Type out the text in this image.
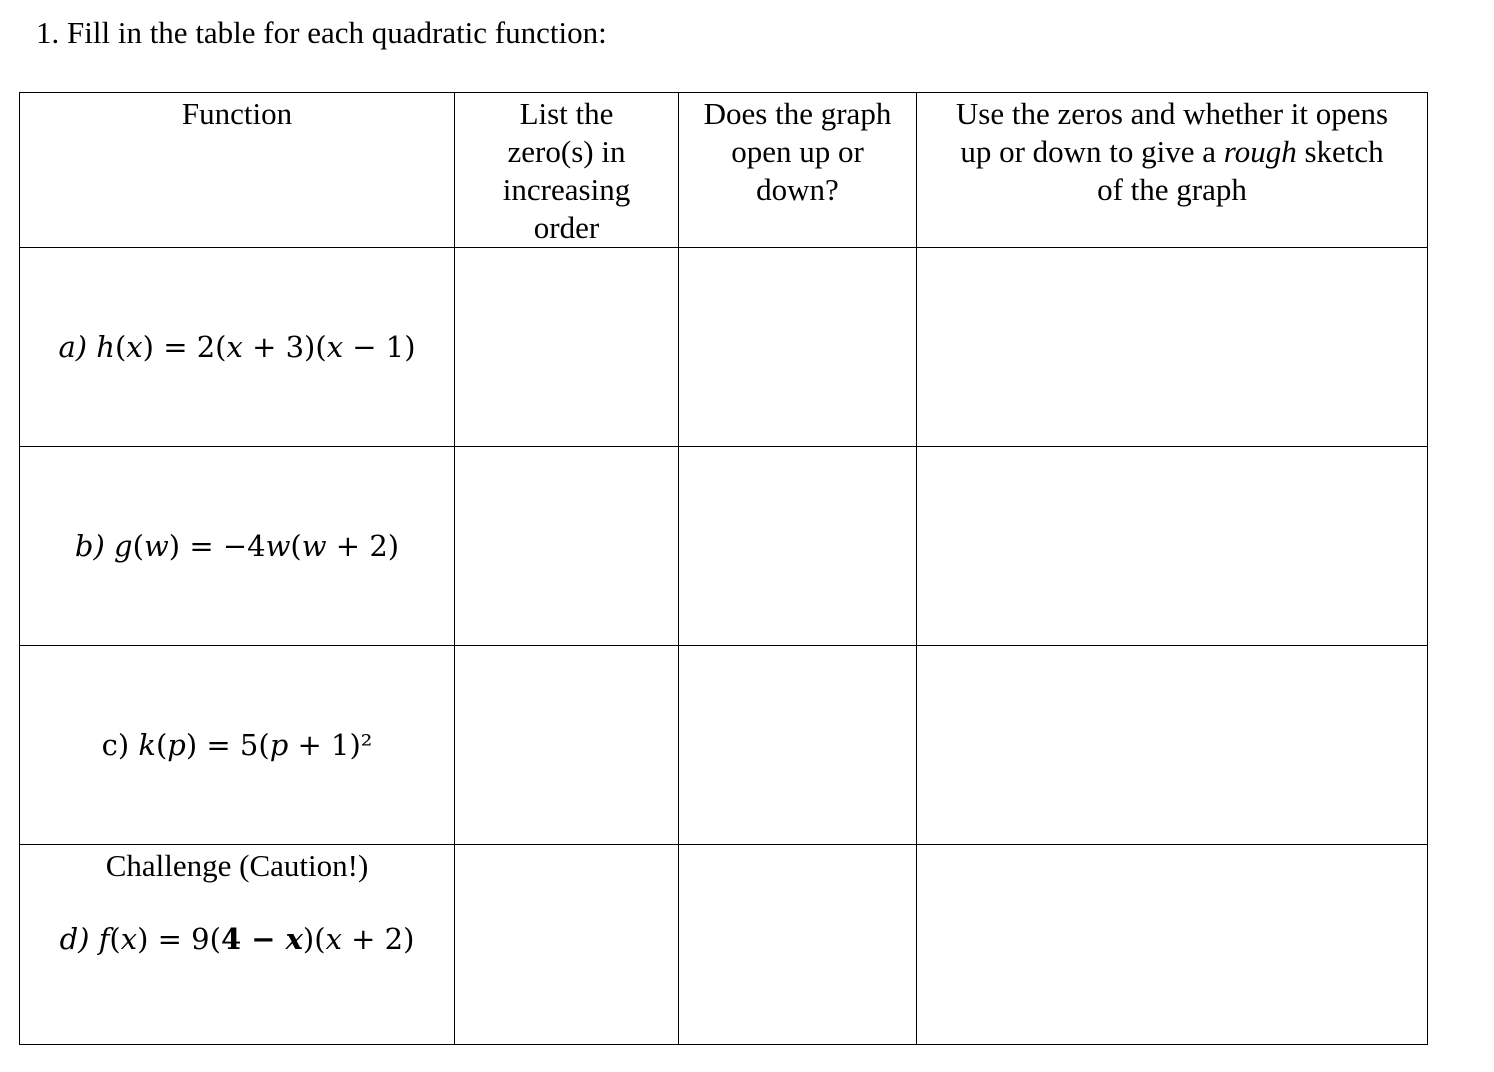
1. Fill in the table for each quadratic function:
Function	List the
zero(s) in
increasing
order	Does the graph
open up or
down?	Use the zeros and whether it opens
up or down to give a rough sketch
of the graph

a) h(x) = 2(x + 3)(x − 1)			
b) g(w) = −4w(w + 2)			
c) k(p) = 5(p + 1)²			

Challenge (Caution!)
d) f(x) = 9(4 − x)(x + 2)			
